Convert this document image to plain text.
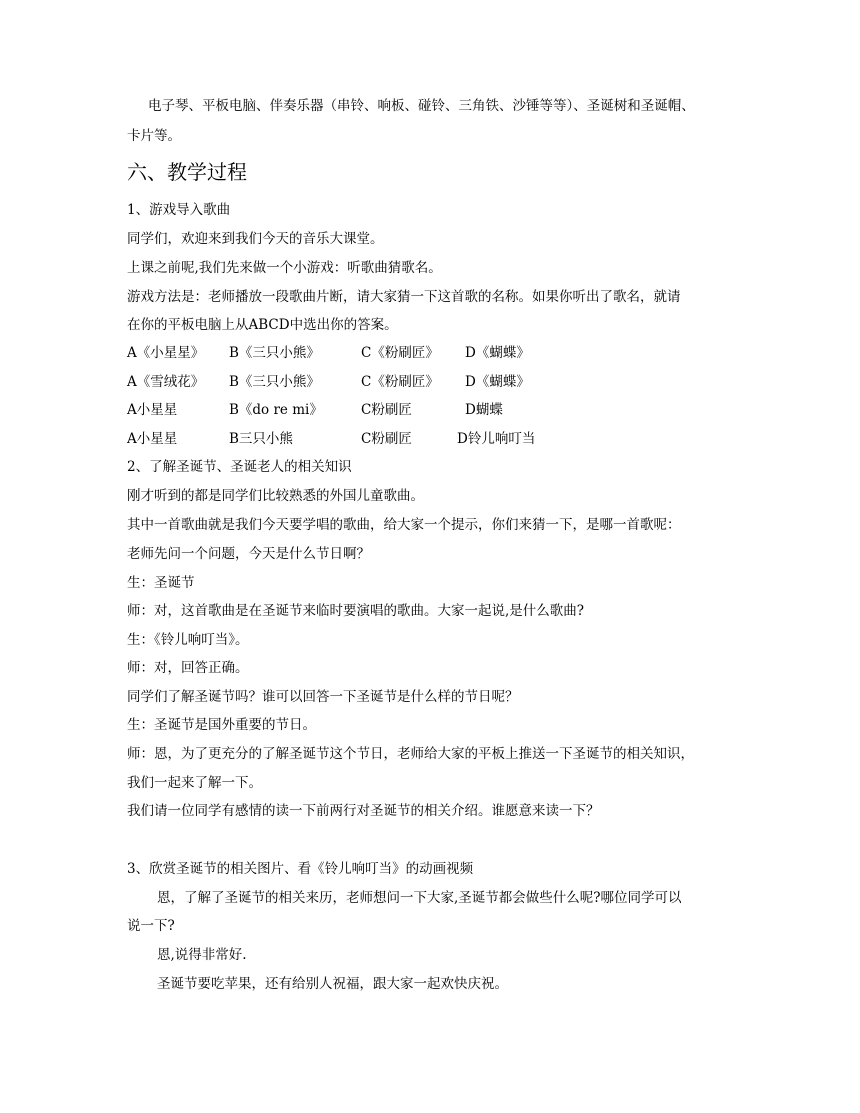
电子琴、平板电脑、伴奏乐器（串铃、响板、碰铃、三角铁、沙锤等等）、圣诞树和圣诞帽、
卡片等。
六、教学过程
1、游戏导入歌曲
同学们，欢迎来到我们今天的音乐大课堂。
上课之前呢,我们先来做一个小游戏：听歌曲猜歌名。
游戏方法是：老师播放一段歌曲片断，请大家猜一下这首歌的名称。如果你听出了歌名，就请
在你的平板电脑上从ABCD中选出你的答案。
A《小星星》 B《三只小熊》	C《粉刷匠》 D《蝴蝶》
A《雪绒花》 B《三只小熊》	C《粉刷匠》 D《蝴蝶》
A小星星	B《do re mi》	C粉刷匠	D蝴蝶
A小星星	B三只小熊	C粉刷匠	D铃儿响叮当
2、了解圣诞节、圣诞老人的相关知识
刚才听到的都是同学们比较熟悉的外国儿童歌曲。
其中一首歌曲就是我们今天要学唱的歌曲，给大家一个提示，你们来猜一下，是哪一首歌呢：
老师先问一个问题，今天是什么节日啊？
生：圣诞节
师：对，这首歌曲是在圣诞节来临时要演唱的歌曲。大家一起说,是什么歌曲?
生：《铃儿响叮当》。
师：对，回答正确。
同学们了解圣诞节吗？谁可以回答一下圣诞节是什么样的节日呢？
生：圣诞节是国外重要的节日。
师：恩，为了更充分的了解圣诞节这个节日，老师给大家的平板上推送一下圣诞节的相关知识，
我们一起来了解一下。
我们请一位同学有感情的读一下前两行对圣诞节的相关介绍。谁愿意来读一下？
3、欣赏圣诞节的相关图片、看《铃儿响叮当》的动画视频
恩，了解了圣诞节的相关来历，老师想问一下大家,圣诞节都会做些什么呢?哪位同学可以
说一下?
恩,说得非常好.
圣诞节要吃苹果，还有给别人祝福，跟大家一起欢快庆祝。
